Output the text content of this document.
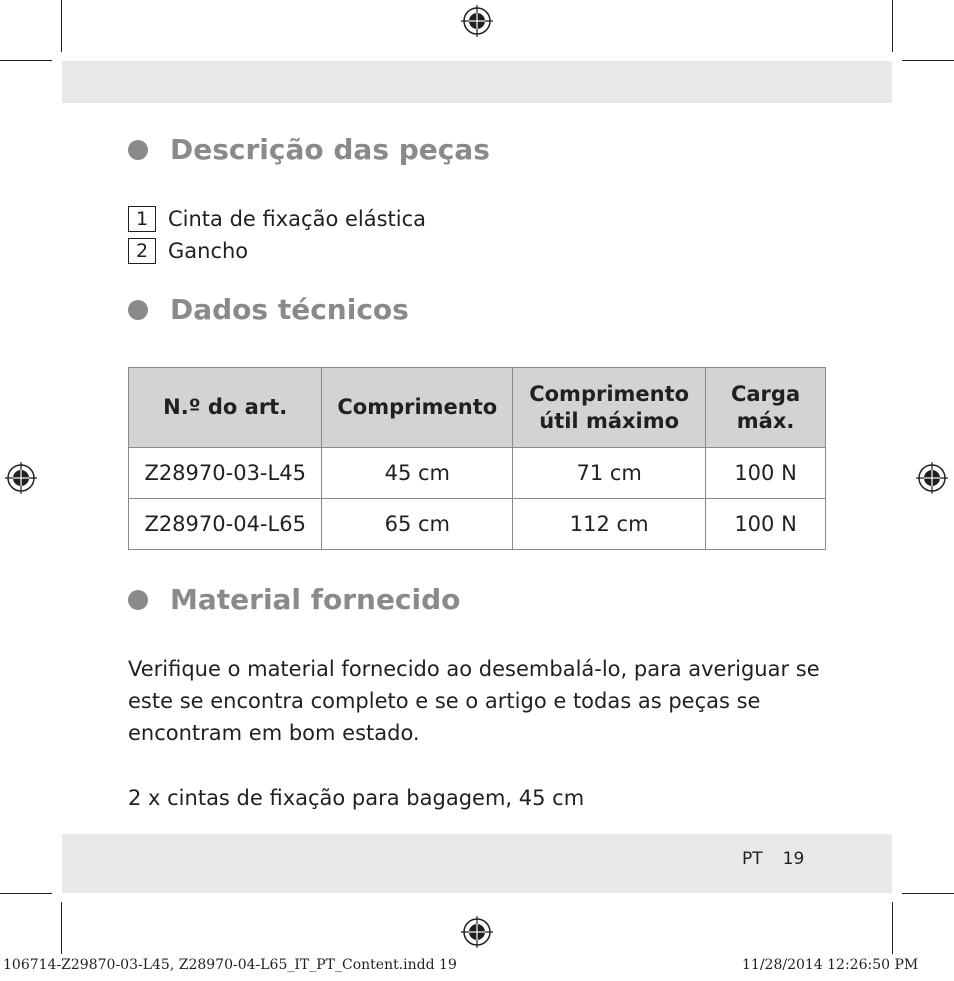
Descrição das peças
1 Cinta de fixação elástica
2 Gancho
Dados técnicos
N.º do art.	Comprimento	Comprimento útil máximo	Carga máx.
Z28970-03-L45	45 cm	71 cm	100 N
Z28970-04-L65	65 cm	112 cm	100 N
Material fornecido
Verifique o material fornecido ao desembalá-lo, para averiguar se este se encontra completo e se o artigo e todas as peças se encontram em bom estado.
2 x cintas de fixação para bagagem, 45 cm
PT 19
106714-Z29870-03-L45, Z28970-04-L65_IT_PT_Content.indd 19	11/28/2014 12:26:50 PM
